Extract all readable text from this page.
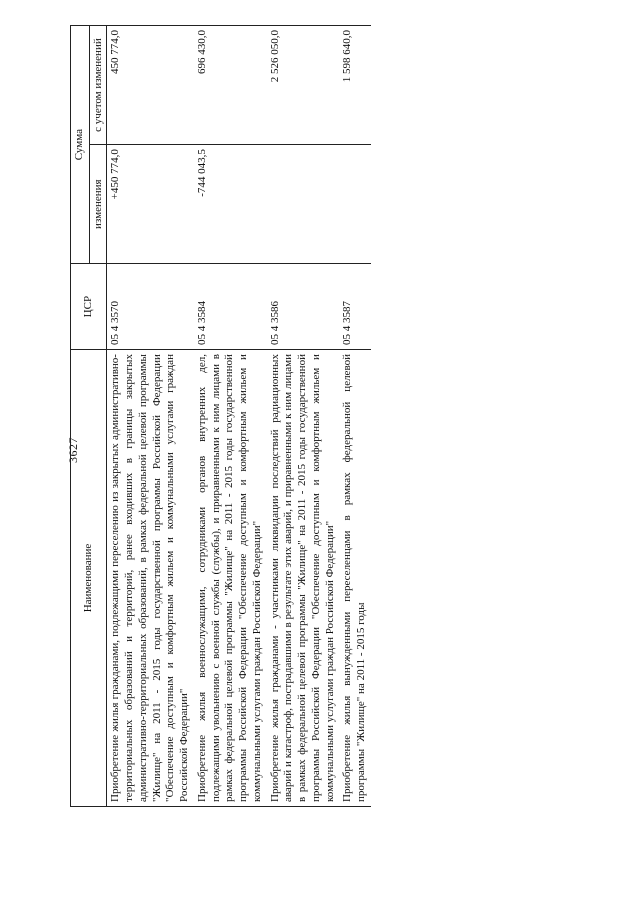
3627
Наименование	ЦСР	Сумма	
		изменения	с учетом изменений
Приобретение жилья гражданами, подлежащими переселению из закрытых административно-территориальных образований и территорий, ранее входивших в границы закрытых административно-территориальных образований, в рамках федеральной целевой программы "Жилище" на 2011 - 2015 годы государственной программы Российской Федерации "Обеспечение доступным и комфортным жильем и коммунальными услугами граждан Российской Федерации"	05 4 3570	+450 774,0	450 774,0
Приобретение жилья военнослужащими, сотрудниками органов внутренних дел, подлежащими увольнению с военной службы (службы), и приравненными к ним лицами в рамках федеральной целевой программы "Жилище" на 2011 - 2015 годы государственной программы Российской Федерации "Обеспечение доступным и комфортным жильем и коммунальными услугами граждан Российской Федерации"	05 4 3584	-744 043,5	696 430,0
Приобретение жилья гражданами - участниками ликвидации последствий радиационных аварий и катастроф, пострадавшими в результате этих аварий, и приравненными к ним лицами в рамках федеральной целевой программы "Жилище" на 2011 - 2015 годы государственной программы Российской Федерации "Обеспечение доступным и комфортным жильем и коммунальными услугами граждан Российской Федерации"	05 4 3586		2 526 050,0
Приобретение жилья вынужденными переселенцами в рамках федеральной целевой программы "Жилище" на 2011 - 2015 годы	05 4 3587		1 598 640,0
